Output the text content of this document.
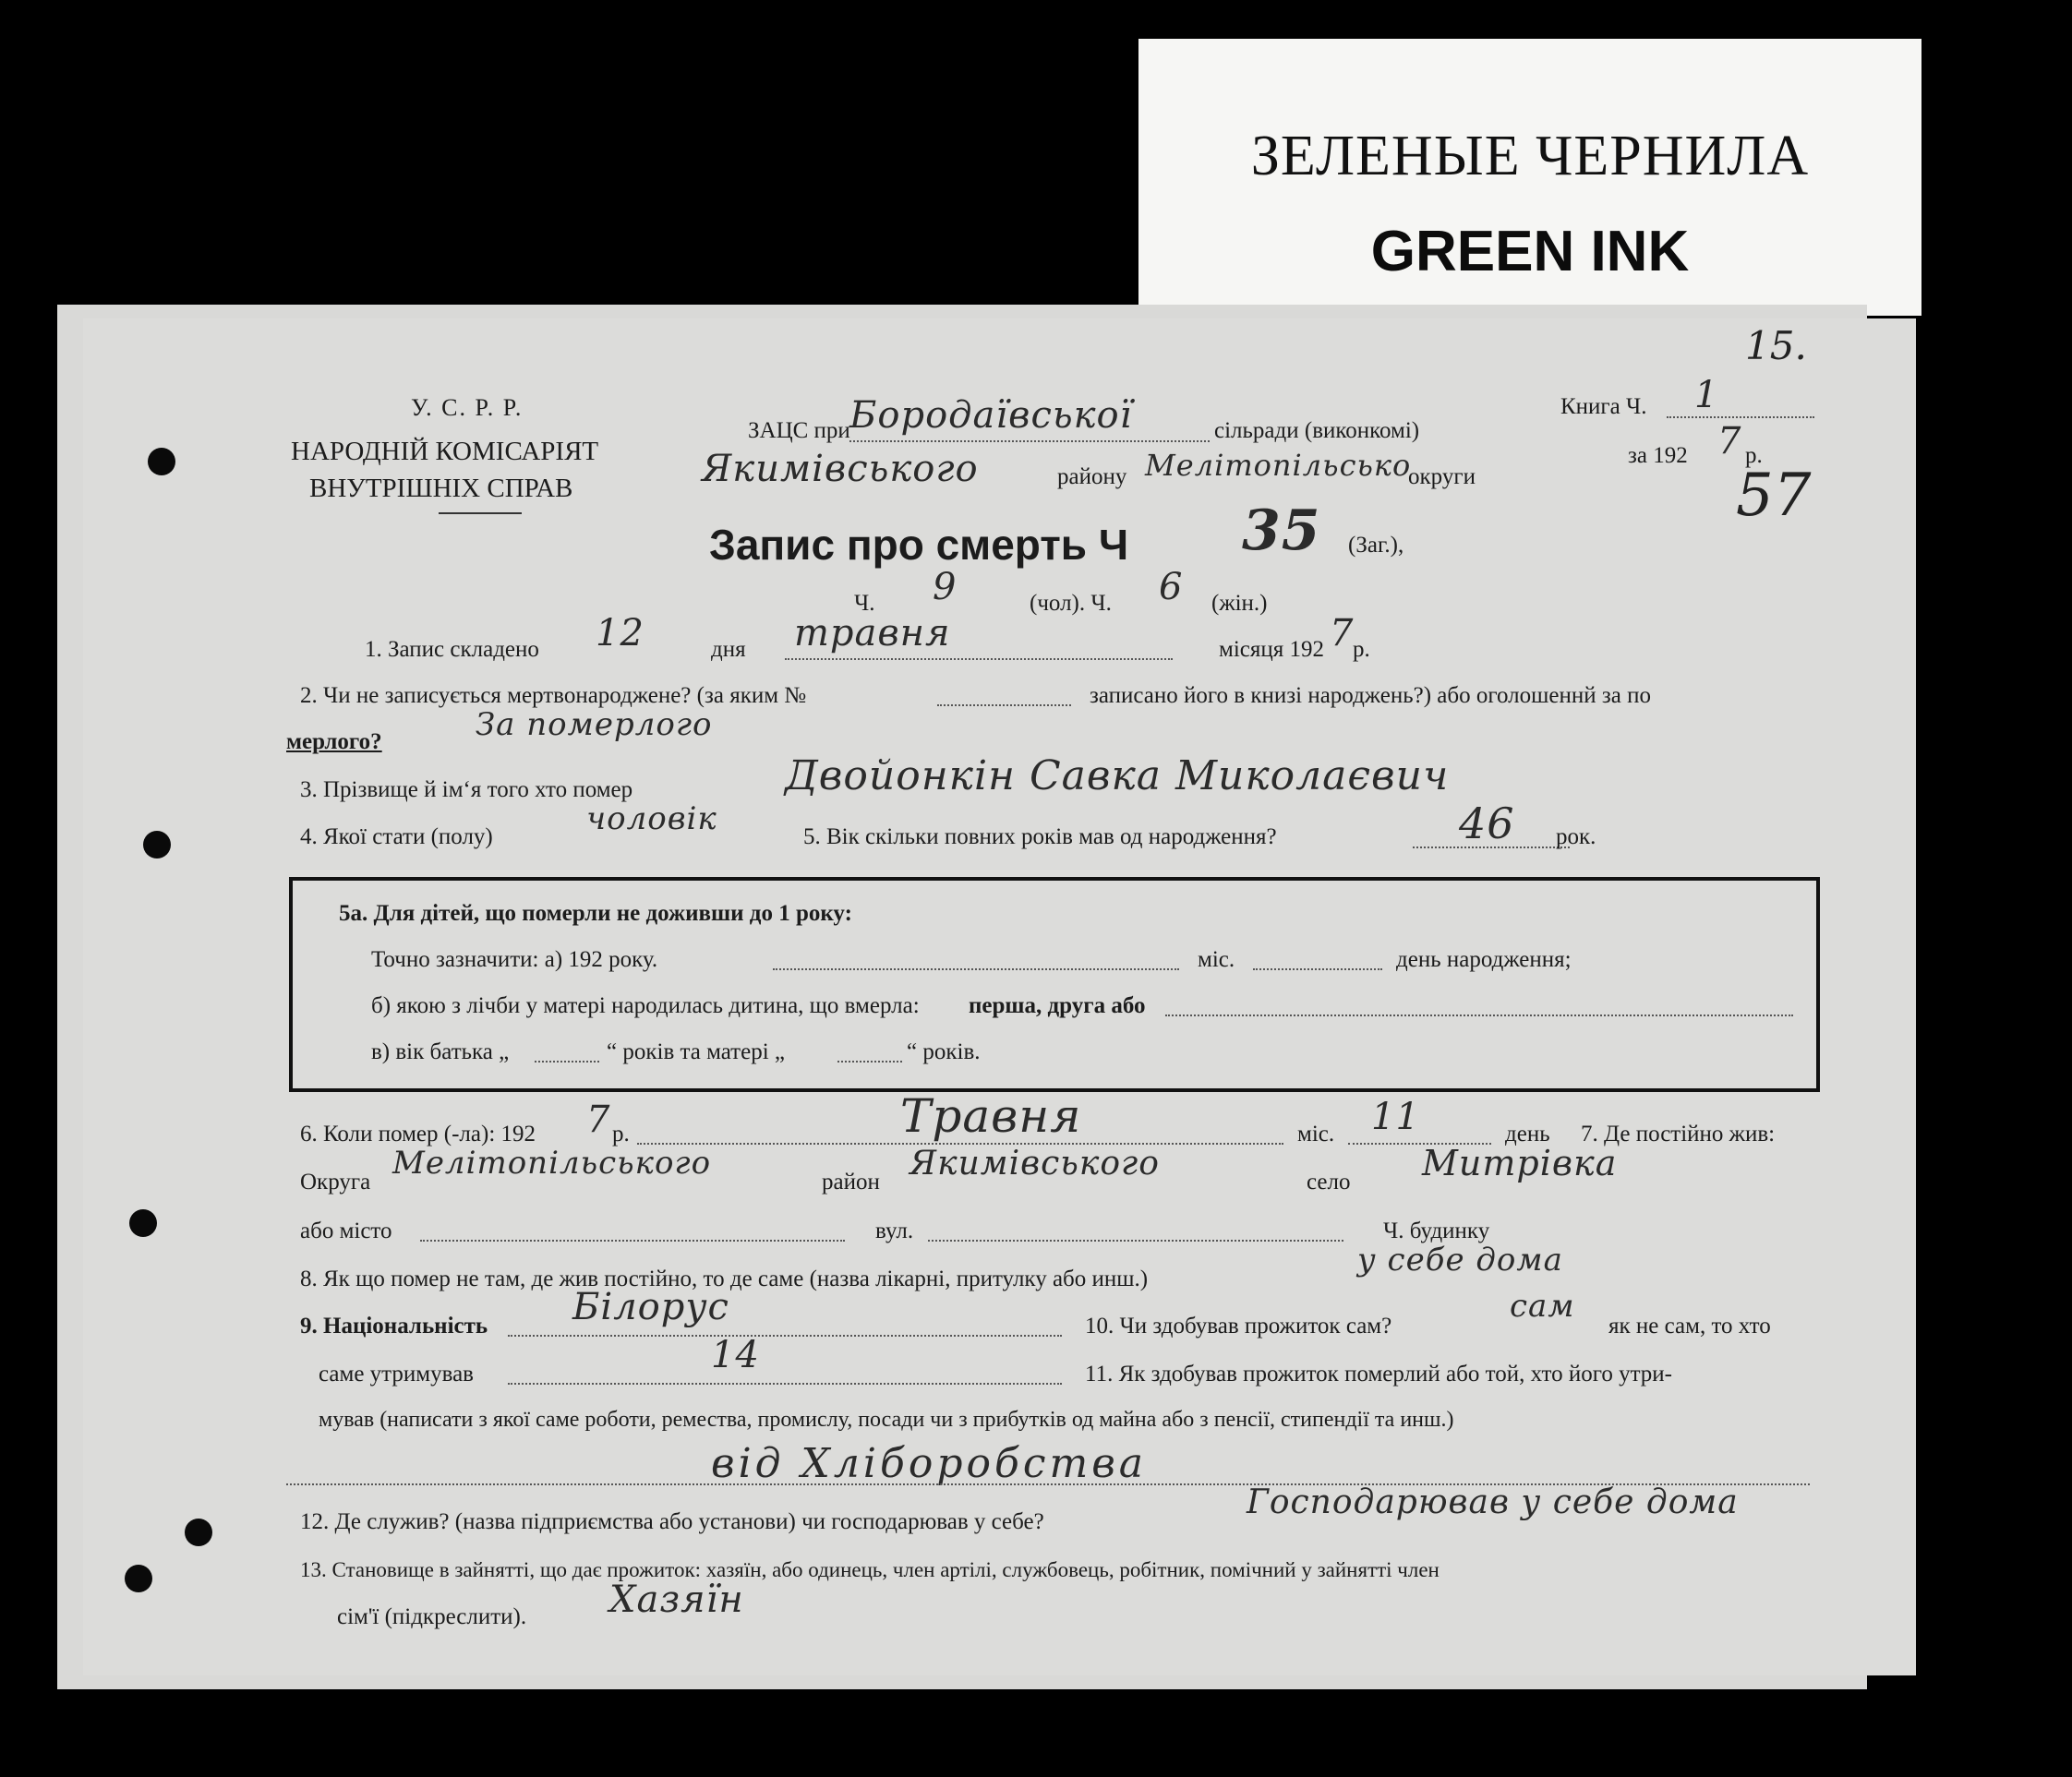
ЗЕЛЕНЫЕ ЧЕРНИЛА
GREEN INK
15.
57
У. С. Р. Р.
НАРОДНІЙ КОМІСАРІЯТ
ВНУТРІШНІХ СПРАВ
ЗАЦС при Бородаївської	сільради (виконкомі)
Книга Ч. 1
Якимівського	району Мелітопільсько
округи
за 192 7 р.
Запис про смерть Ч 35 (Заг.),
Ч. 9	(чол). Ч. 6 (жін.)
1. Запис складено 12	дня травня	місяця 192 7
р.
2. Чи не записується мертвонароджене? (за яким №	записано його в книзі народжень?) або оголошеннй за по
мерлого?	За померлого
3. Прізвище й ім‘я того хто помер	Двойонкін Савка Миколаєвич
4. Якої стати (полу)	чоловік	5. Вік скільки повних років мав од народження?	46 рок.
5а. Для дітей, що померли не доживши до 1 року:
Точно зазначити: а) 192 року.	міс.	день народження;
б) якою з лічби у матері народилась дитина, що вмерла: перша, друга або
в) вік батька „	“ років та матері „	“ років.
6. Коли помер (-ла): 192 7 р.	Травня	міс. 11	день 7. Де постійно жив:
Округа
Мелітопільського
район Якимівського	село Митрівка
або місто	вул.	Ч. будинку
8. Як що помер не там, де жив постійно, то де саме (назва лікарні, притулку або инш.)
у себе дома
9. Національність Білорус	10. Чи здобував прожиток сам?
сам
як не сам, то хто
саме утримував	14	11. Як здобував прожиток померлий або той, хто його утри-
мував (написати з якої саме роботи, ремества, промислу, посади чи з прибутків од майна або з пенсії, стипендії та инш.)
від Хліборобства
12. Де служив? (назва підприємства або установи) чи господарював у себе?
Господарював у себе дома
13. Становище в зайнятті, що дає прожиток: хазяїн, або одинець, член артілі, службовець, робітник, помічний у зайнятті член
сім'ї (підкреслити). Хазяїн
